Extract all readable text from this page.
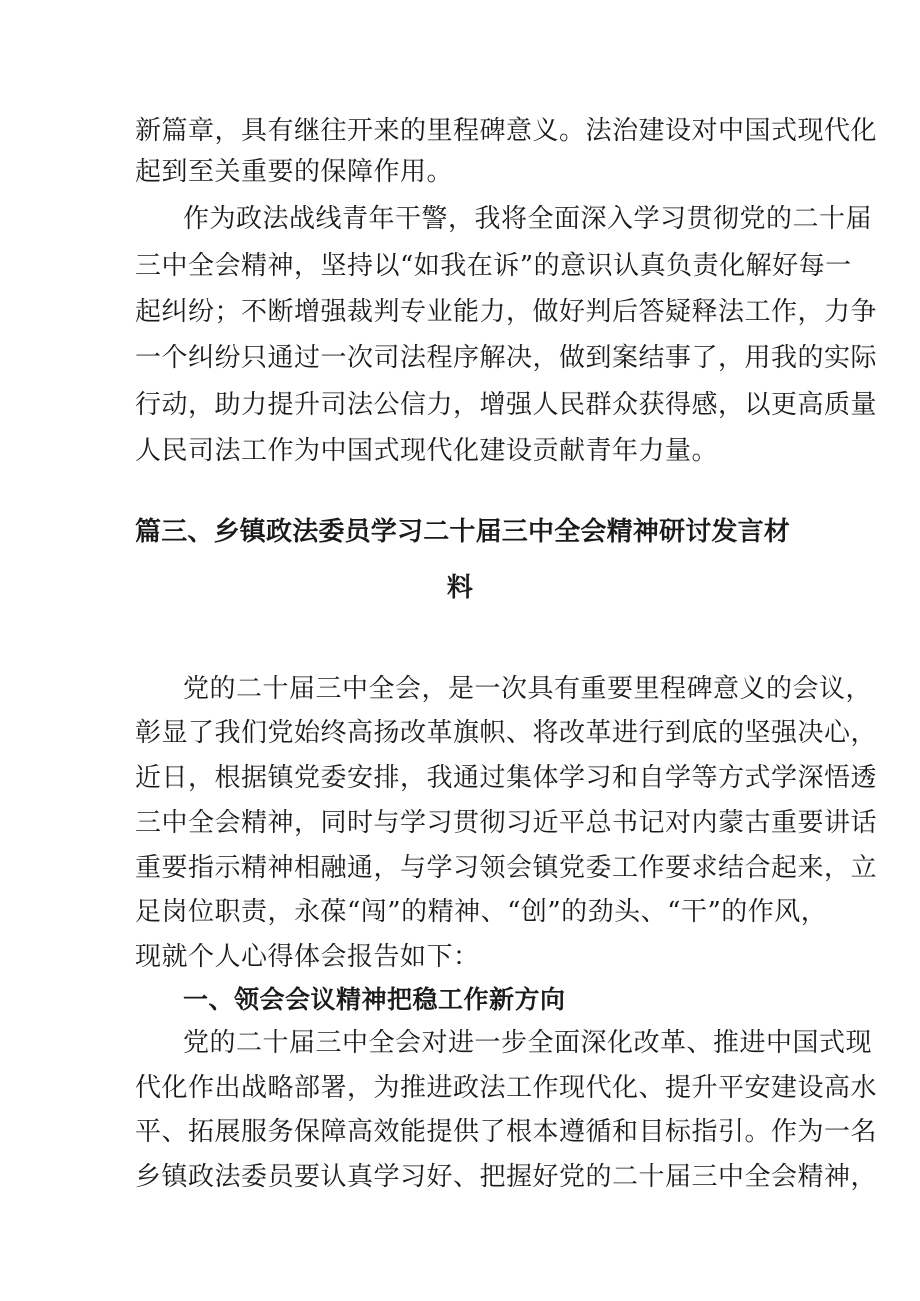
新篇章，具有继往开来的里程碑意义。法治建设对中国式现代化
起到至关重要的保障作用。
作为政法战线青年干警，我将全面深入学习贯彻党的二十届
三中全会精神，坚持以“如我在诉”的意识认真负责化解好每一
起纠纷；不断增强裁判专业能力，做好判后答疑释法工作，力争
一个纠纷只通过一次司法程序解决，做到案结事了，用我的实际
行动，助力提升司法公信力，增强人民群众获得感，以更高质量
人民司法工作为中国式现代化建设贡献青年力量。
篇三、乡镇政法委员学习二十届三中全会精神研讨发言材
料
党的二十届三中全会，是一次具有重要里程碑意义的会议，
彰显了我们党始终高扬改革旗帜、将改革进行到底的坚强决心，
近日，根据镇党委安排，我通过集体学习和自学等方式学深悟透
三中全会精神，同时与学习贯彻习近平总书记对内蒙古重要讲话
重要指示精神相融通，与学习领会镇党委工作要求结合起来，立
足岗位职责，永葆“闯”的精神、“创”的劲头、“干”的作风，
现就个人心得体会报告如下：
一、领会会议精神把稳工作新方向
党的二十届三中全会对进一步全面深化改革、推进中国式现
代化作出战略部署，为推进政法工作现代化、提升平安建设高水
平、拓展服务保障高效能提供了根本遵循和目标指引。作为一名
乡镇政法委员要认真学习好、把握好党的二十届三中全会精神，
